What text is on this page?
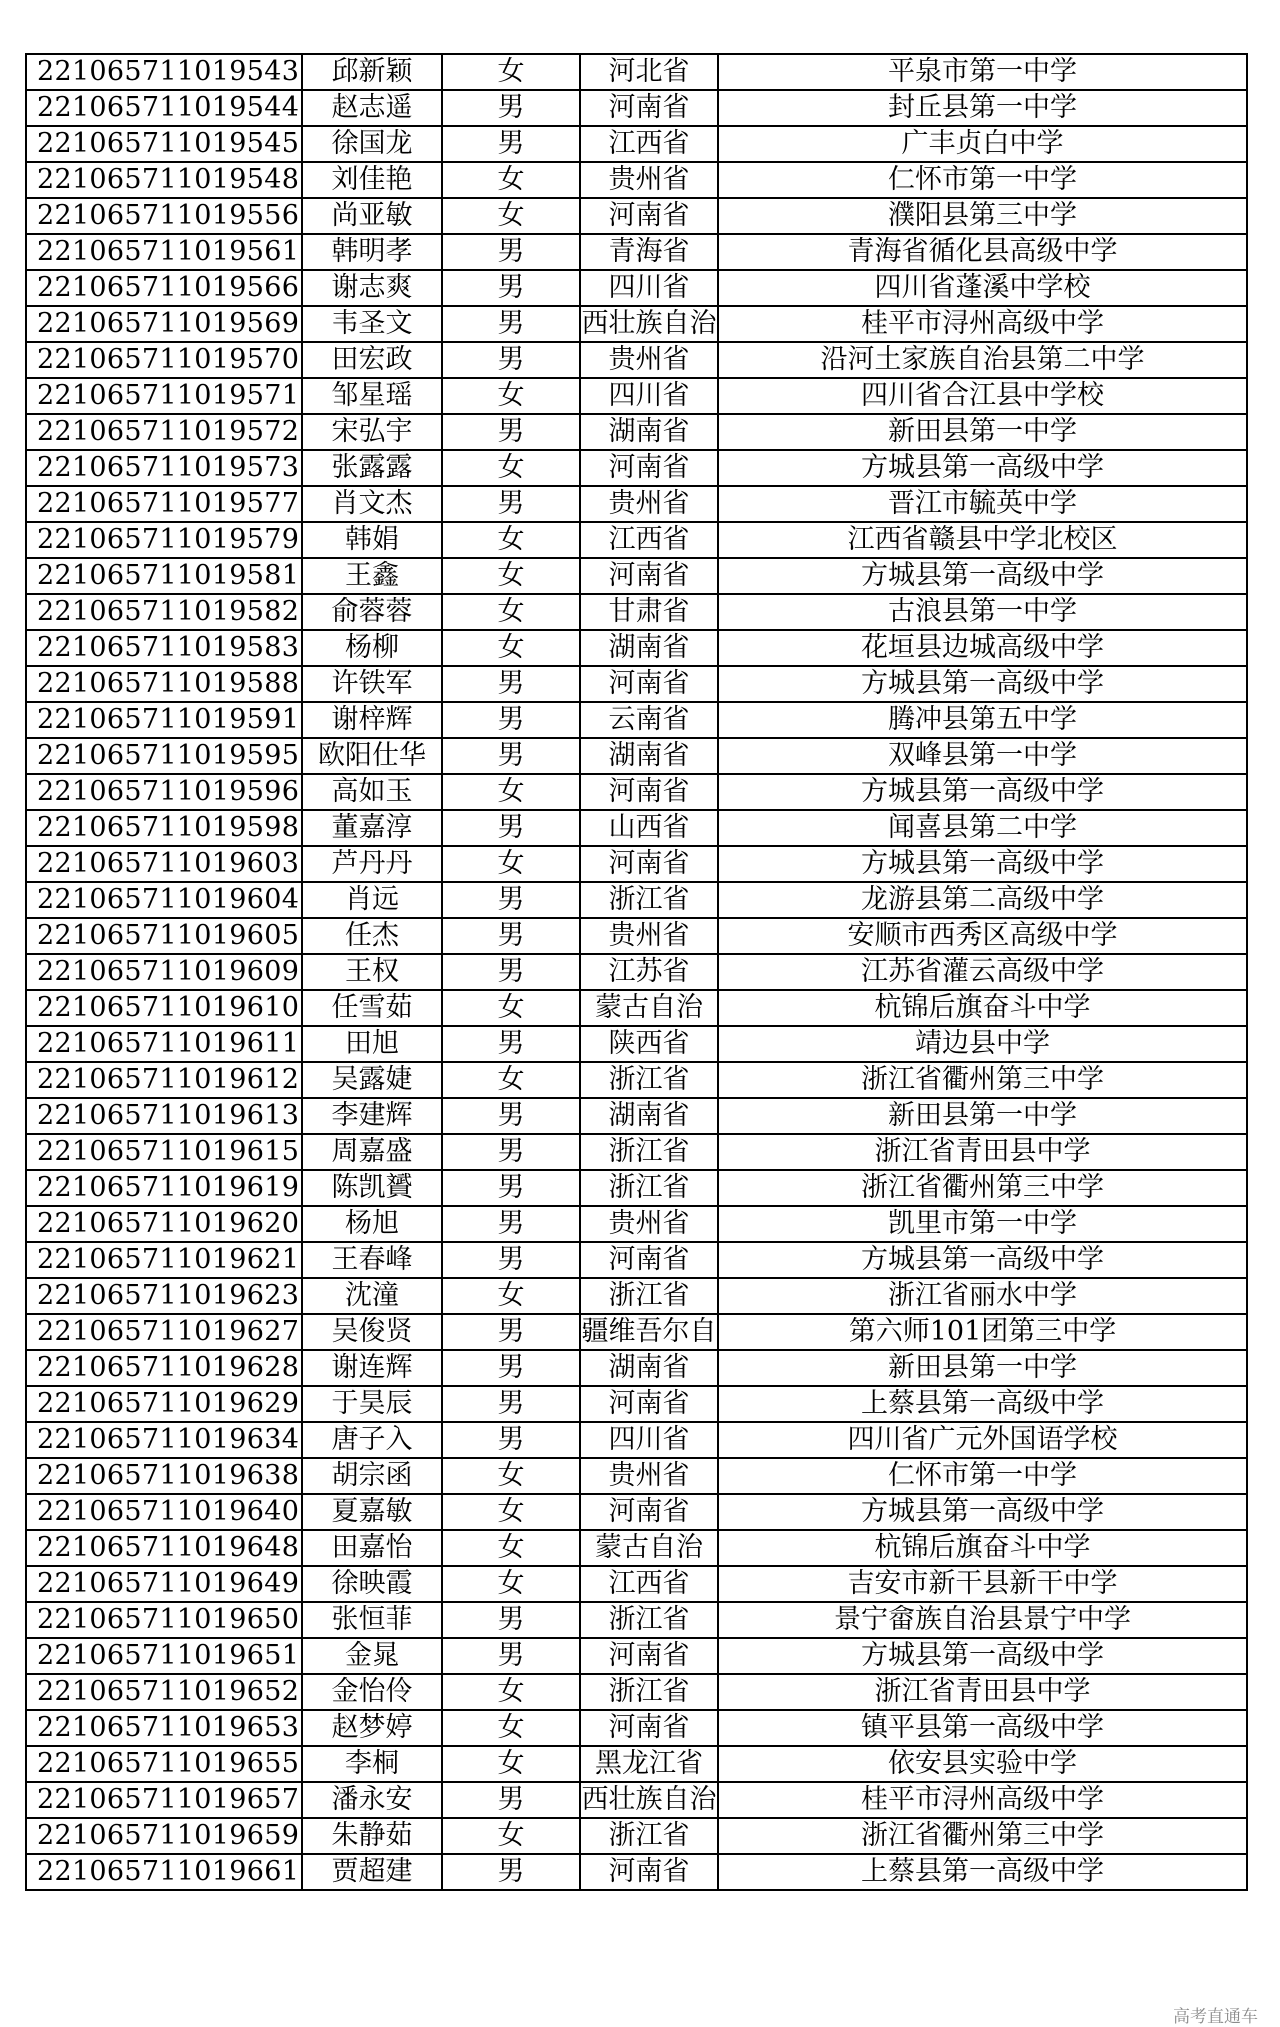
221065711019543	邱新颖	女	河北省	平泉市第一中学
221065711019544	赵志遥	男	河南省	封丘县第一中学
221065711019545	徐国龙	男	江西省	广丰贞白中学
221065711019548	刘佳艳	女	贵州省	仁怀市第一中学
221065711019556	尚亚敏	女	河南省	濮阳县第三中学
221065711019561	韩明孝	男	青海省	青海省循化县高级中学
221065711019566	谢志爽	男	四川省	四川省蓬溪中学校
221065711019569	韦圣文	男	西壮族自治	桂平市浔州高级中学
221065711019570	田宏政	男	贵州省	沿河土家族自治县第二中学
221065711019571	邹星瑶	女	四川省	四川省合江县中学校
221065711019572	宋弘宇	男	湖南省	新田县第一中学
221065711019573	张露露	女	河南省	方城县第一高级中学
221065711019577	肖文杰	男	贵州省	晋江市毓英中学
221065711019579	韩娟	女	江西省	江西省赣县中学北校区
221065711019581	王鑫	女	河南省	方城县第一高级中学
221065711019582	俞蓉蓉	女	甘肃省	古浪县第一中学
221065711019583	杨柳	女	湖南省	花垣县边城高级中学
221065711019588	许铁军	男	河南省	方城县第一高级中学
221065711019591	谢梓辉	男	云南省	腾冲县第五中学
221065711019595	欧阳仕华	男	湖南省	双峰县第一中学
221065711019596	高如玉	女	河南省	方城县第一高级中学
221065711019598	董嘉淳	男	山西省	闻喜县第二中学
221065711019603	芦丹丹	女	河南省	方城县第一高级中学
221065711019604	肖远	男	浙江省	龙游县第二高级中学
221065711019605	任杰	男	贵州省	安顺市西秀区高级中学
221065711019609	王权	男	江苏省	江苏省灌云高级中学
221065711019610	任雪茹	女	蒙古自治	杭锦后旗奋斗中学
221065711019611	田旭	男	陕西省	靖边县中学
221065711019612	吴露婕	女	浙江省	浙江省衢州第三中学
221065711019613	李建辉	男	湖南省	新田县第一中学
221065711019615	周嘉盛	男	浙江省	浙江省青田县中学
221065711019619	陈凯贇	男	浙江省	浙江省衢州第三中学
221065711019620	杨旭	男	贵州省	凯里市第一中学
221065711019621	王春峰	男	河南省	方城县第一高级中学
221065711019623	沈潼	女	浙江省	浙江省丽水中学
221065711019627	吴俊贤	男	疆维吾尔自	第六师101团第三中学
221065711019628	谢连辉	男	湖南省	新田县第一中学
221065711019629	于昊辰	男	河南省	上蔡县第一高级中学
221065711019634	唐子入	男	四川省	四川省广元外国语学校
221065711019638	胡宗函	女	贵州省	仁怀市第一中学
221065711019640	夏嘉敏	女	河南省	方城县第一高级中学
221065711019648	田嘉怡	女	蒙古自治	杭锦后旗奋斗中学
221065711019649	徐映霞	女	江西省	吉安市新干县新干中学
221065711019650	张恒菲	男	浙江省	景宁畲族自治县景宁中学
221065711019651	金晁	男	河南省	方城县第一高级中学
221065711019652	金怡伶	女	浙江省	浙江省青田县中学
221065711019653	赵梦婷	女	河南省	镇平县第一高级中学
221065711019655	李桐	女	黑龙江省	依安县实验中学
221065711019657	潘永安	男	西壮族自治	桂平市浔州高级中学
221065711019659	朱静茹	女	浙江省	浙江省衢州第三中学
221065711019661	贾超建	男	河南省	上蔡县第一高级中学
高考直通车
